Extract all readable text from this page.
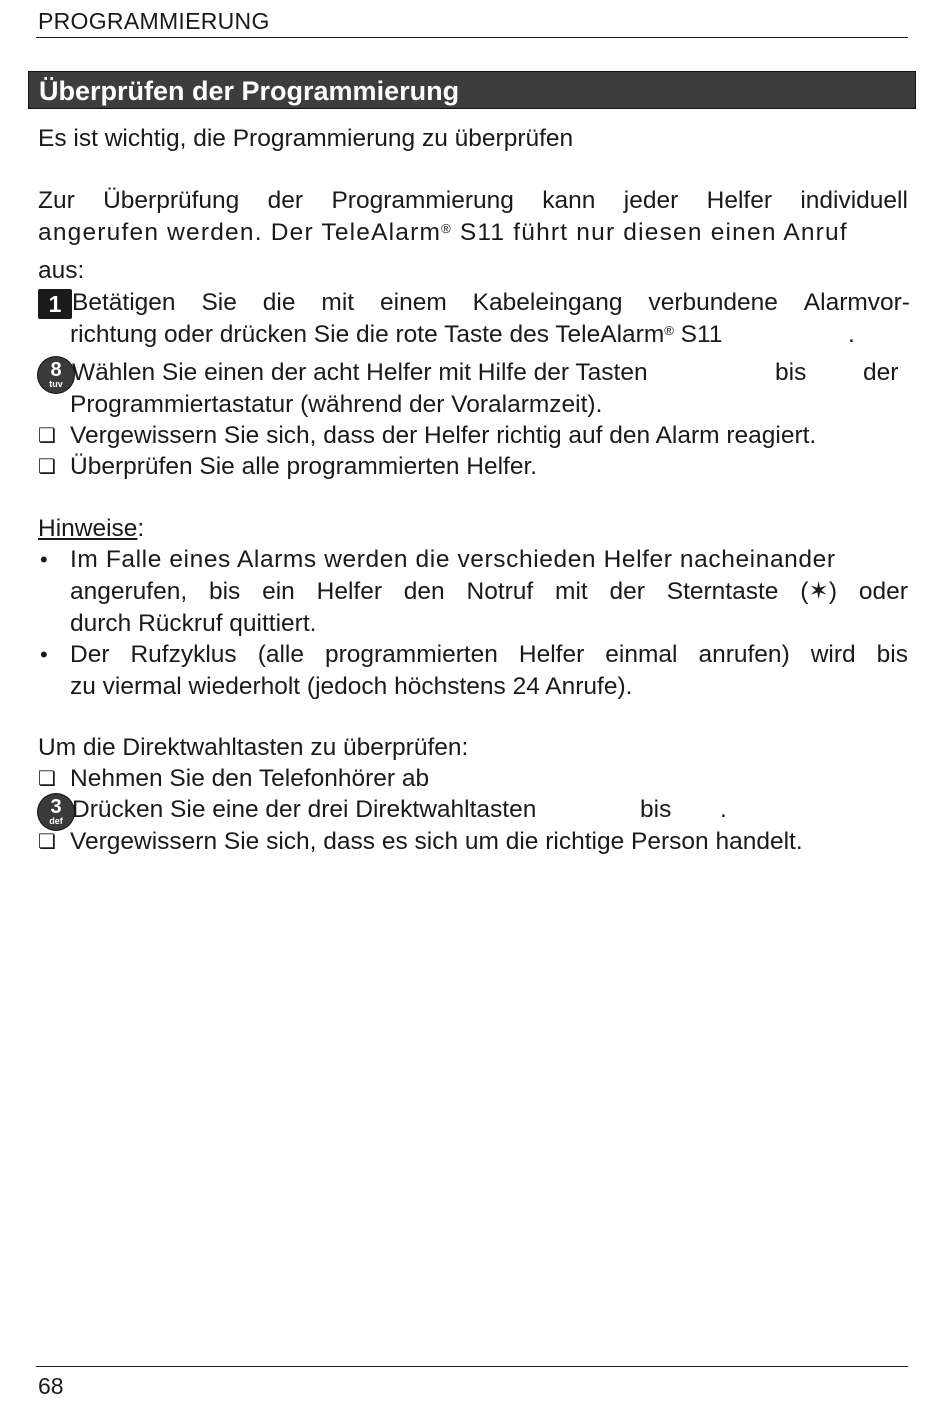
PROGRAMMIERUNG
Überprüfen der Programmierung
Es ist wichtig, die Programmierung zu überprüfen
Zur Überprüfung der Programmierung kann jeder Helfer individuell
angerufen werden. Der TeleAlarm® S11 führt nur diesen einen Anruf
aus:
1 Betätigen Sie die mit einem Kabeleingang verbundene Alarmvor-
richtung oder drücken Sie die rote Taste des TeleAlarm® S11	.
8
tuv Wählen Sie einen der acht Helfer mit Hilfe der Tasten	bis der
Programmiertastatur (während der Voralarmzeit).
❏ Vergewissern Sie sich, dass der Helfer richtig auf den Alarm reagiert.
❏ Überprüfen Sie alle programmierten Helfer.
Hinweise:
• Im Falle eines Alarms werden die verschieden Helfer nacheinander
angerufen, bis ein Helfer den Notruf mit der Sterntaste (✶) oder
durch Rückruf quittiert.
• Der Rufzyklus (alle programmierten Helfer einmal anrufen) wird bis
zu viermal wiederholt (jedoch höchstens 24 Anrufe).
Um die Direktwahltasten zu überprüfen:
❏ Nehmen Sie den Telefonhörer ab
3
def Drücken Sie eine der drei Direktwahltasten	bis .
❏ Vergewissern Sie sich, dass es sich um die richtige Person handelt.
68
